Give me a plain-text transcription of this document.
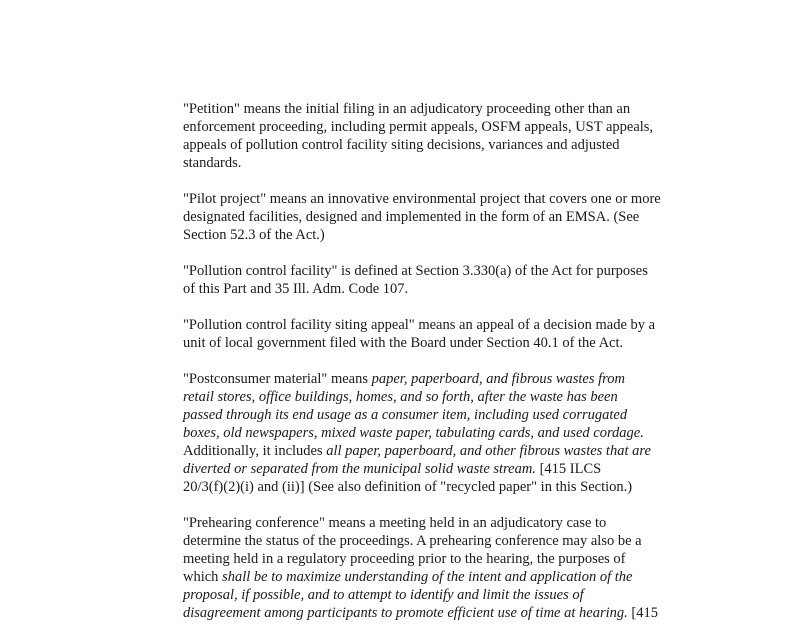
"Petition" means the initial filing in an adjudicatory proceeding other than an
enforcement proceeding, including permit appeals, OSFM appeals, UST appeals,
appeals of pollution control facility siting decisions, variances and adjusted
standards.
"Pilot project" means an innovative environmental project that covers one or more
designated facilities, designed and implemented in the form of an EMSA. (See
Section 52.3 of the Act.)
"Pollution control facility" is defined at Section 3.330(a) of the Act for purposes
of this Part and 35 Ill. Adm. Code 107.
"Pollution control facility siting appeal" means an appeal of a decision made by a
unit of local government filed with the Board under Section 40.1 of the Act.
"Postconsumer material" means paper, paperboard, and fibrous wastes from
retail stores, office buildings, homes, and so forth, after the waste has been
passed through its end usage as a consumer item, including used corrugated
boxes, old newspapers, mixed waste paper, tabulating cards, and used cordage.
Additionally, it includes all paper, paperboard, and other fibrous wastes that are
diverted or separated from the municipal solid waste stream. [415 ILCS
20/3(f)(2)(i) and (ii)] (See also definition of "recycled paper" in this Section.)
"Prehearing conference" means a meeting held in an adjudicatory case to
determine the status of the proceedings. A prehearing conference may also be a
meeting held in a regulatory proceeding prior to the hearing, the purposes of
which shall be to maximize understanding of the intent and application of the
proposal, if possible, and to attempt to identify and limit the issues of
disagreement among participants to promote efficient use of time at hearing. [415
